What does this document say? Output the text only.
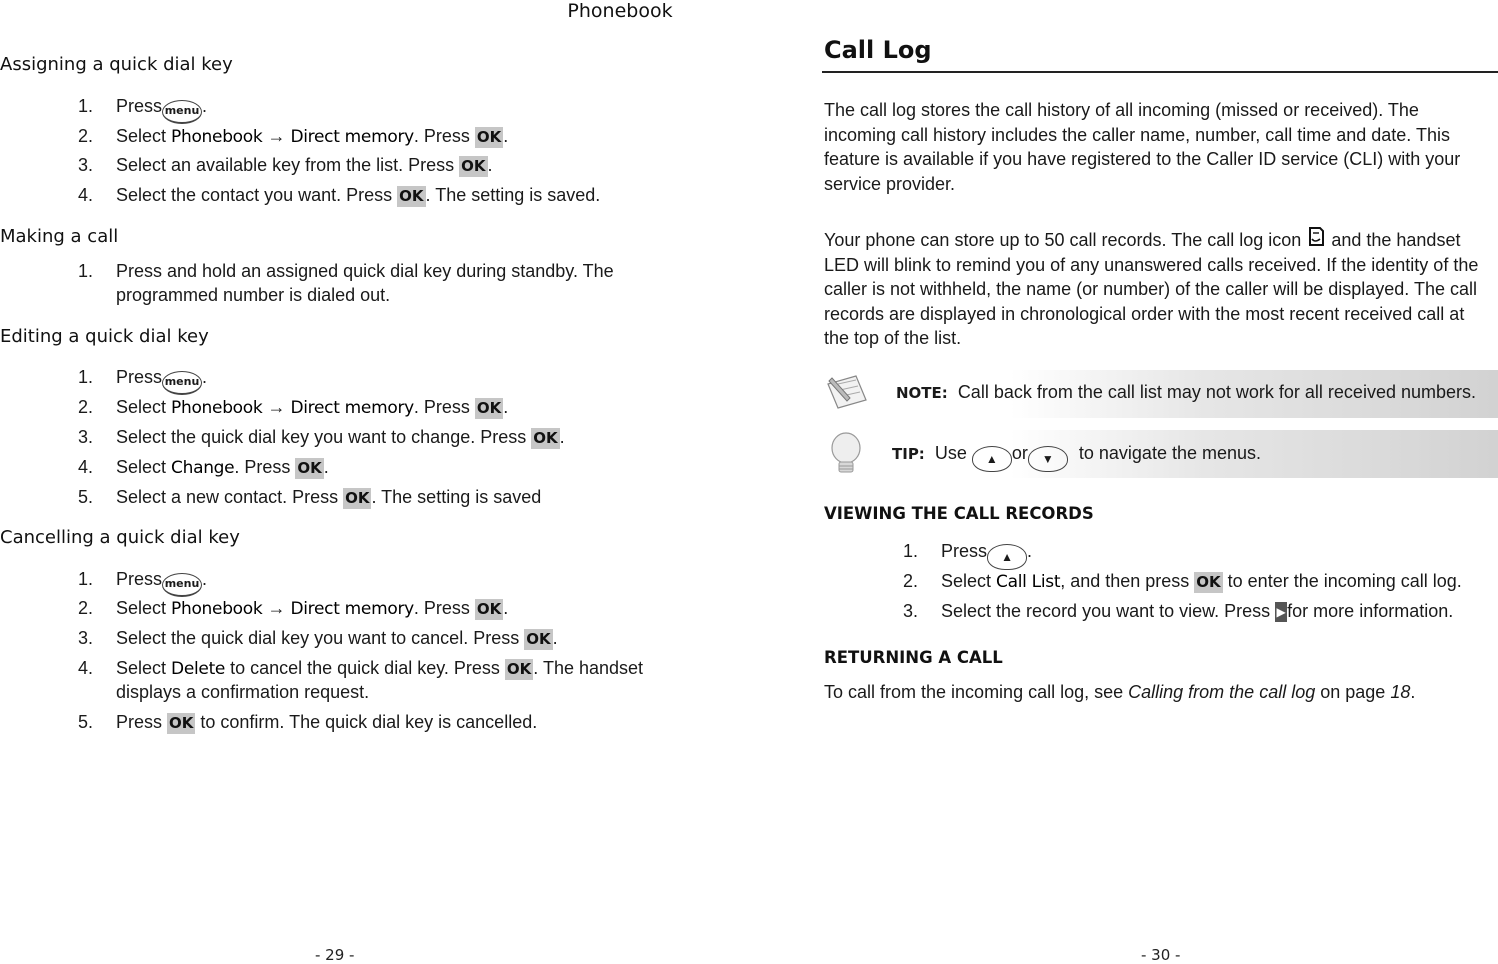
Phonebook
Assigning a quick dial key
1.	Press menu .
2.	Select Phonebook → Direct memory. Press OK .
3.	Select an available key from the list. Press OK .
4.	Select the contact you want. Press OK . The setting is saved.
Making a call
1.	Press and hold an assigned quick dial key during standby. The
programmed number is dialed out.
Editing a quick dial key
1.	Press menu .
2.	Select Phonebook → Direct memory. Press OK .
3.	Select the quick dial key you want to change. Press OK .
4.	Select Change. Press OK .
5.	Select a new contact. Press OK . The setting is saved
Cancelling a quick dial key
1.	Press menu .
2.	Select Phonebook → Direct memory. Press OK .
3.	Select the quick dial key you want to cancel. Press OK .
4.	Select Delete to cancel the quick dial key. Press OK . The handset
displays a confirmation request.
5.	Press OK to confirm. The quick dial key is cancelled.
- 29 -
Call Log
The call log stores the call history of all incoming (missed or received). The
incoming call history includes the caller name, number, call time and date. This
feature is available if you have registered to the Caller ID service (CLI) with your
service provider.
Your phone can store up to 50 call records. The call log icon and the handset
LED will blink to remind you of any unanswered calls received. If the identity of the
caller is not withheld, the name (or number) of the caller will be displayed. The call
records are displayed in chronological order with the most recent received call at
the top of the list.
NOTE: Call back from the call list may not work for all received numbers.
TIP: Use ▲ or ▼ to navigate the menus.
VIEWING THE CALL RECORDS
1.	Press ▲ .
2.	Select Call List, and then press OK to enter the incoming call log.
3.	Select the record you want to view. Press ▶for more information.
RETURNING A CALL
To call from the incoming call log, see Calling from the call log on page 18.
- 30 -
